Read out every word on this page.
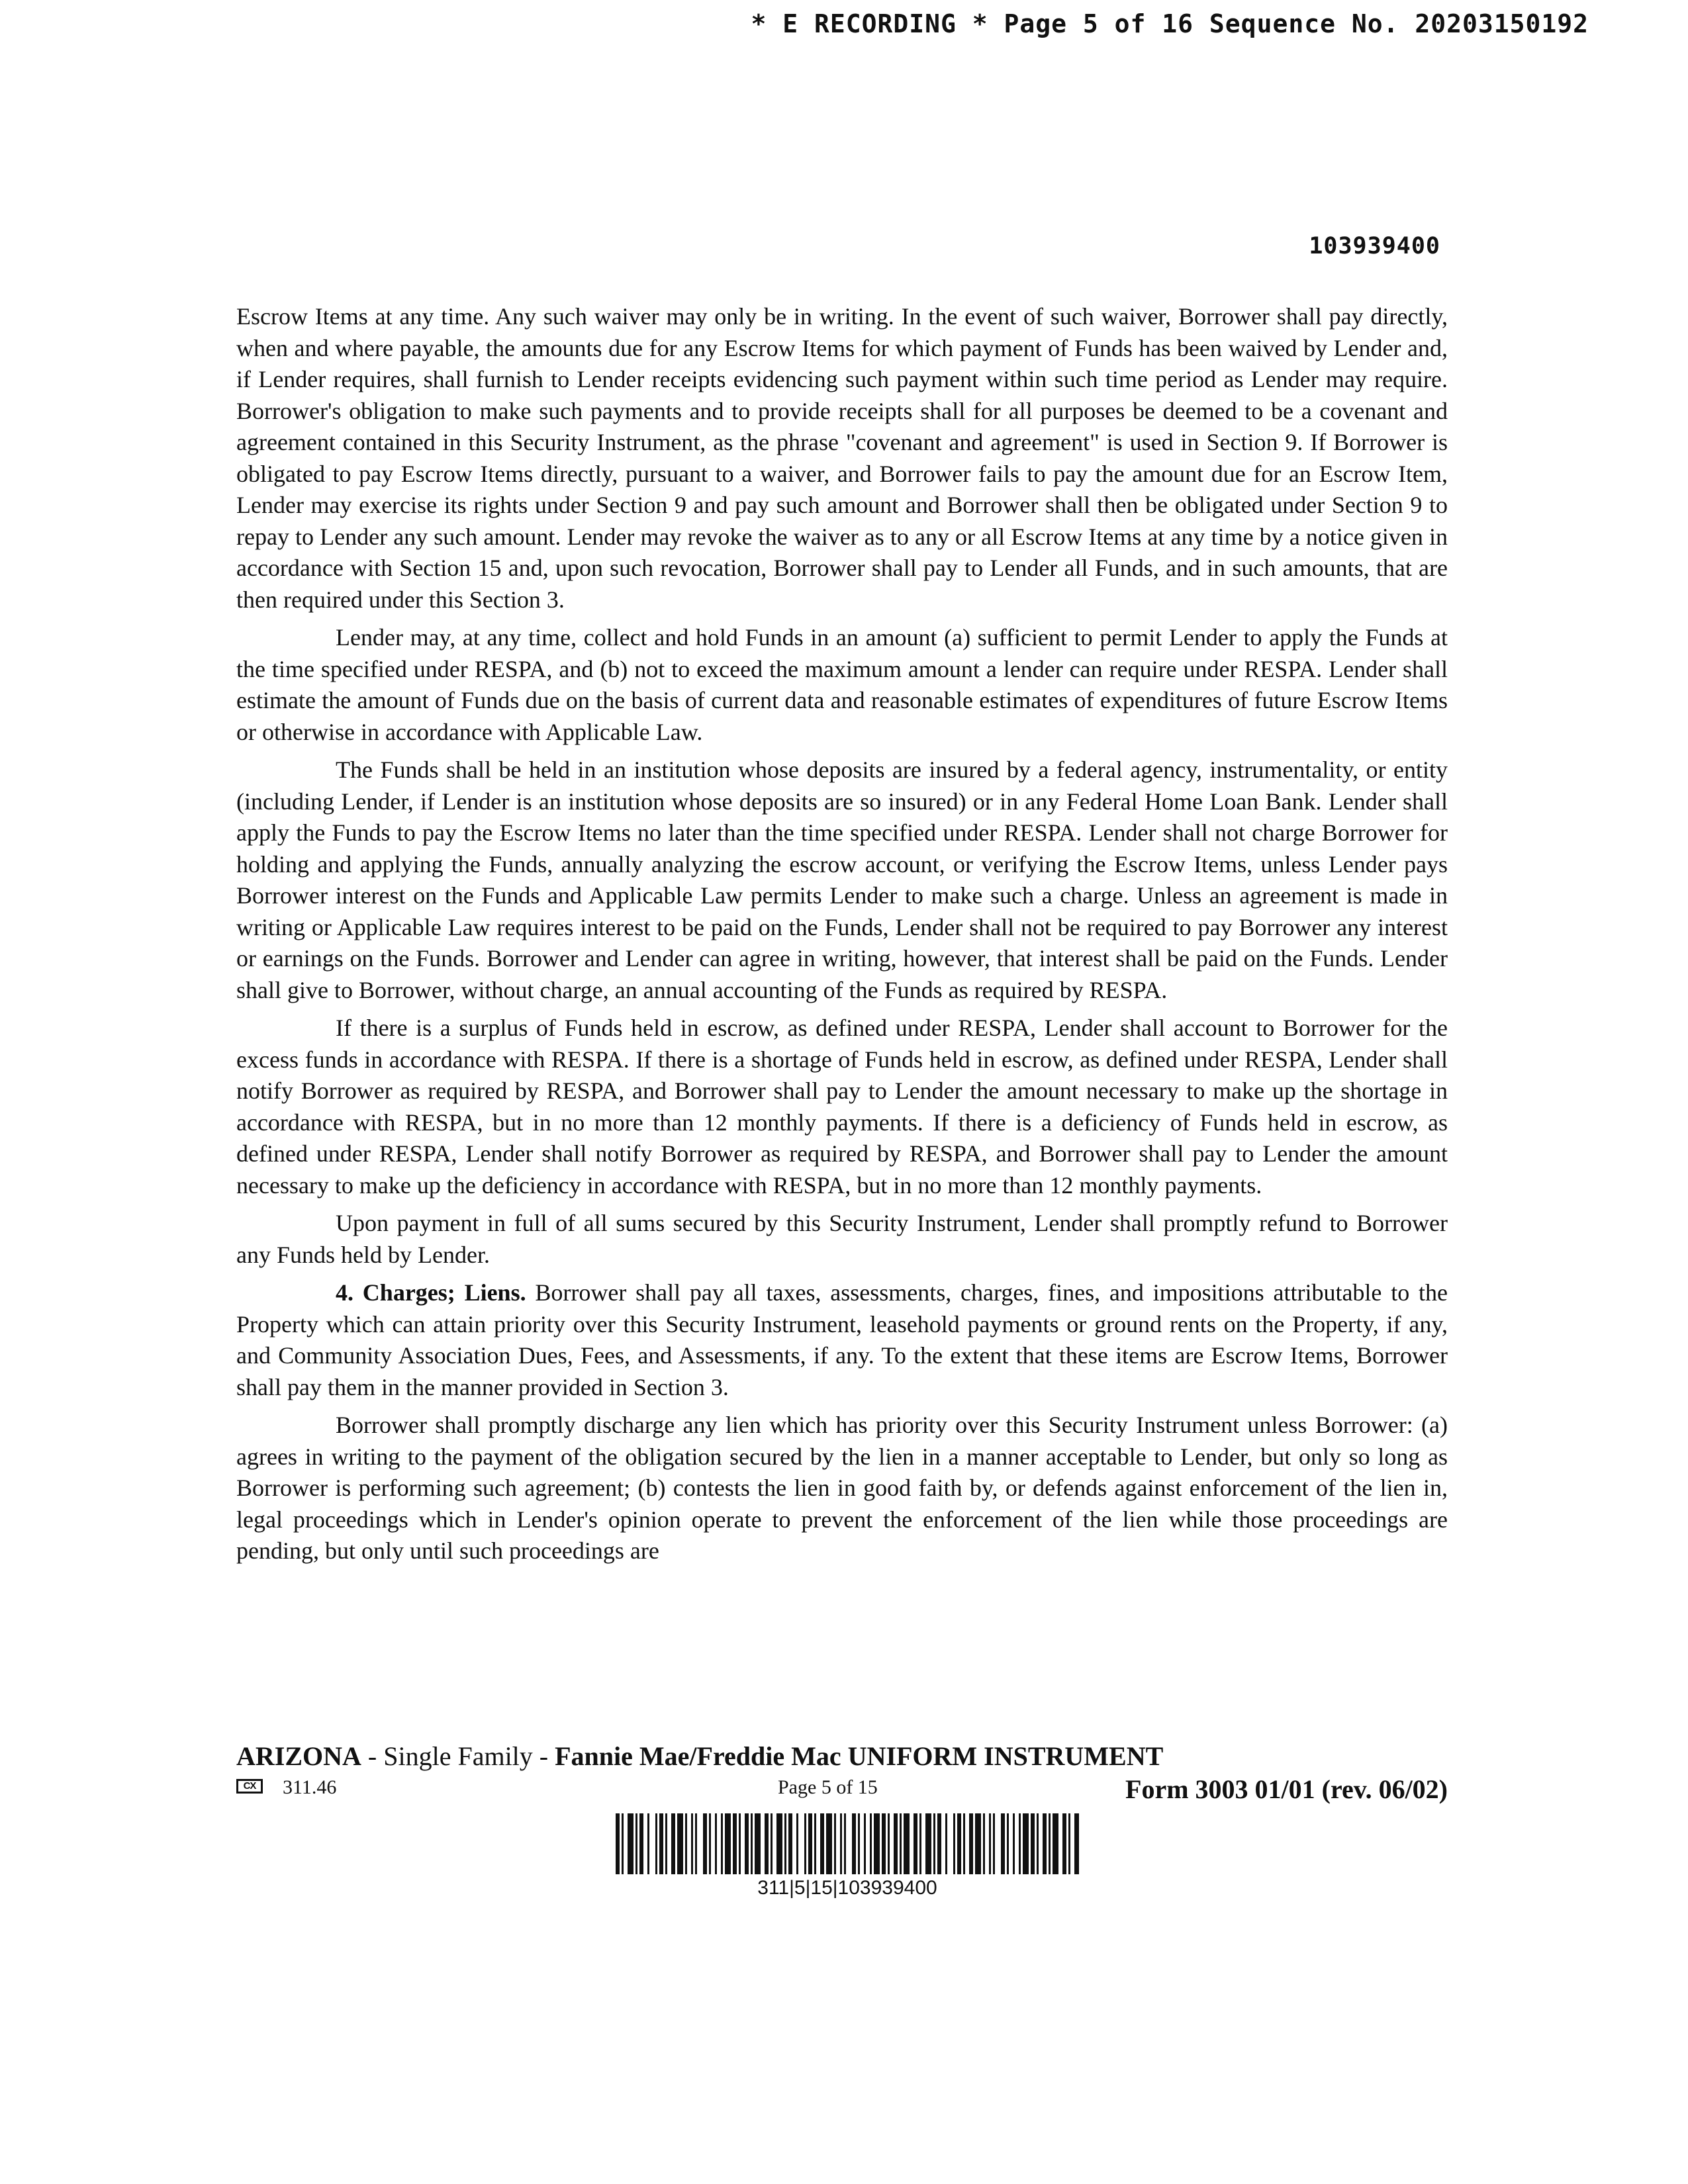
* E RECORDING * Page 5 of 16 Sequence No. 20203150192
103939400

Escrow Items at any time. Any such waiver may only be in writing. In the event of such waiver, Borrower shall pay directly, when and where payable, the amounts due for any Escrow Items for which payment of Funds has been waived by Lender and, if Lender requires, shall furnish to Lender receipts evidencing such payment within such time period as Lender may require. Borrower's obligation to make such payments and to provide receipts shall for all purposes be deemed to be a covenant and agreement contained in this Security Instrument, as the phrase "covenant and agreement" is used in Section 9. If Borrower is obligated to pay Escrow Items directly, pursuant to a waiver, and Borrower fails to pay the amount due for an Escrow Item, Lender may exercise its rights under Section 9 and pay such amount and Borrower shall then be obligated under Section 9 to repay to Lender any such amount. Lender may revoke the waiver as to any or all Escrow Items at any time by a notice given in accordance with Section 15 and, upon such revocation, Borrower shall pay to Lender all Funds, and in such amounts, that are then required under this Section 3.

Lender may, at any time, collect and hold Funds in an amount (a) sufficient to permit Lender to apply the Funds at the time specified under RESPA, and (b) not to exceed the maximum amount a lender can require under RESPA. Lender shall estimate the amount of Funds due on the basis of current data and reasonable estimates of expenditures of future Escrow Items or otherwise in accordance with Applicable Law.

The Funds shall be held in an institution whose deposits are insured by a federal agency, instrumentality, or entity (including Lender, if Lender is an institution whose deposits are so insured) or in any Federal Home Loan Bank. Lender shall apply the Funds to pay the Escrow Items no later than the time specified under RESPA. Lender shall not charge Borrower for holding and applying the Funds, annually analyzing the escrow account, or verifying the Escrow Items, unless Lender pays Borrower interest on the Funds and Applicable Law permits Lender to make such a charge. Unless an agreement is made in writing or Applicable Law requires interest to be paid on the Funds, Lender shall not be required to pay Borrower any interest or earnings on the Funds. Borrower and Lender can agree in writing, however, that interest shall be paid on the Funds. Lender shall give to Borrower, without charge, an annual accounting of the Funds as required by RESPA.

If there is a surplus of Funds held in escrow, as defined under RESPA, Lender shall account to Borrower for the excess funds in accordance with RESPA. If there is a shortage of Funds held in escrow, as defined under RESPA, Lender shall notify Borrower as required by RESPA, and Borrower shall pay to Lender the amount necessary to make up the shortage in accordance with RESPA, but in no more than 12 monthly payments. If there is a deficiency of Funds held in escrow, as defined under RESPA, Lender shall notify Borrower as required by RESPA, and Borrower shall pay to Lender the amount necessary to make up the deficiency in accordance with RESPA, but in no more than 12 monthly payments.

Upon payment in full of all sums secured by this Security Instrument, Lender shall promptly refund to Borrower any Funds held by Lender.

4. Charges; Liens. Borrower shall pay all taxes, assessments, charges, fines, and impositions attributable to the Property which can attain priority over this Security Instrument, leasehold payments or ground rents on the Property, if any, and Community Association Dues, Fees, and Assessments, if any. To the extent that these items are Escrow Items, Borrower shall pay them in the manner provided in Section 3.

Borrower shall promptly discharge any lien which has priority over this Security Instrument unless Borrower: (a) agrees in writing to the payment of the obligation secured by the lien in a manner acceptable to Lender, but only so long as Borrower is performing such agreement; (b) contests the lien in good faith by, or defends against enforcement of the lien in, legal proceedings which in Lender's opinion operate to prevent the enforcement of the lien while those proceedings are pending, but only until such proceedings are

ARIZONA - Single Family - Fannie Mae/Freddie Mac UNIFORM INSTRUMENT
CX	311.46	Page 5 of 15	Form 3003 01/01 (rev. 06/02)
311|5|15|103939400
